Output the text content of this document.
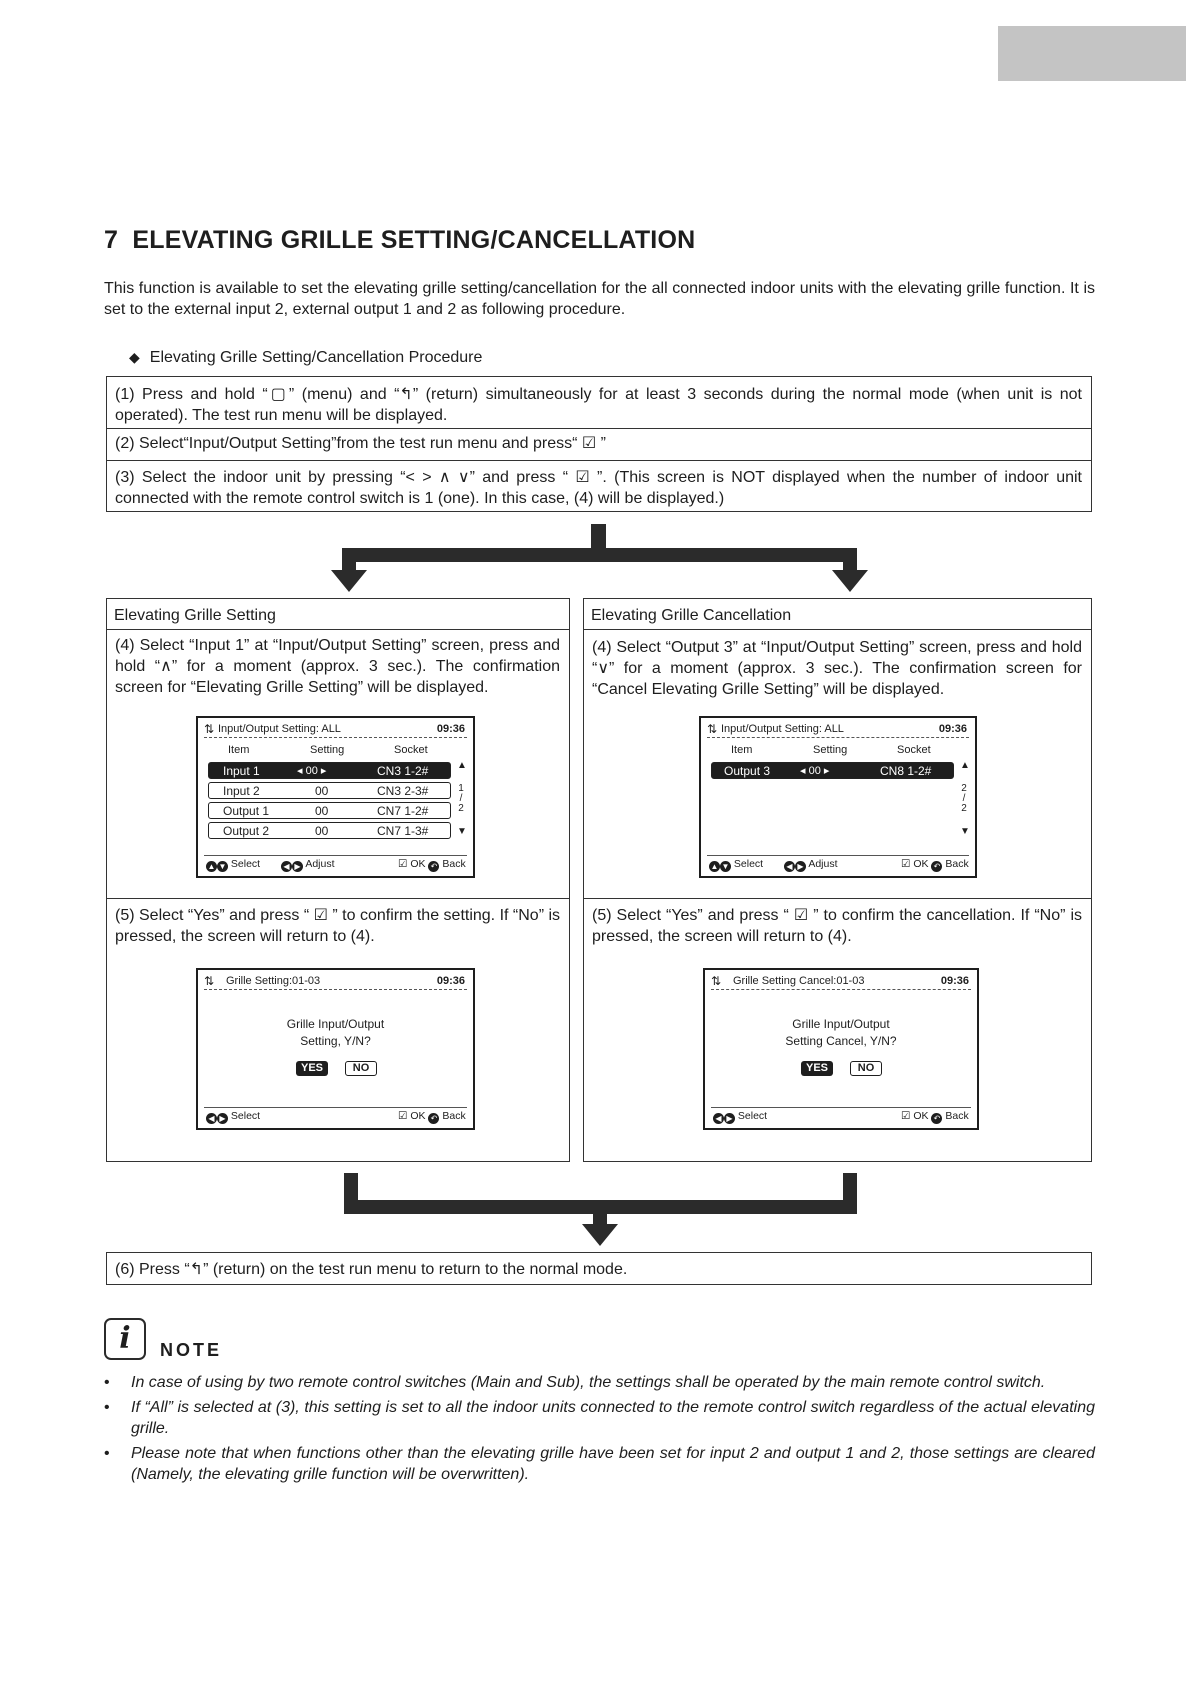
7 ELEVATING GRILLE SETTING/CANCELLATION
This function is available to set the elevating grille setting/cancellation for the all connected indoor units with the elevating grille function. It is set to the external input 2, external output 1 and 2 as following procedure.
◆ Elevating Grille Setting/Cancellation Procedure
(1) Press and hold “▢” (menu) and “↰” (return) simultaneously for at least 3 seconds during the normal mode (when unit is not operated). The test run menu will be displayed.
(2) Select“Input/Output Setting”from the test run menu and press“ ☑ ”
(3) Select the indoor unit by pressing “< > ∧ ∨” and press “ ☑ ”. (This screen is NOT displayed when the number of indoor unit connected with the remote control switch is 1 (one). In this case, (4) will be displayed.)
Elevating Grille Setting
(4) Select “Input 1” at “Input/Output Setting” screen, press and hold “∧” for a moment (approx. 3 sec.). The confirmation screen for “Elevating Grille Setting” will be displayed.
(5) Select “Yes” and press “ ☑ ” to confirm the setting. If “No” is pressed, the screen will return to (4).
Elevating Grille Cancellation
(4) Select “Output 3” at “Input/Output Setting” screen, press and hold “∨” for a moment (approx. 3 sec.). The confirmation screen for “Cancel Elevating Grille Setting” will be displayed.
(5) Select “Yes” and press “ ☑ ” to confirm the cancellation. If “No” is pressed, the screen will return to (4).
⇅ Input/Output Setting: ALL	09:36
Item	Setting	Socket
Input 1	◂ 00 ▸	CN3 1-2#
Input 2	00	CN3 2-3#
Output 1	00	CN7 1-2#
Output 2	00	CN7 1-3#
▲
1
/
2
▼
▲ ▼ Select	◀ ▶ Adjust	☑ OK ↶ Back
⇅ Input/Output Setting: ALL	09:36
Item	Setting	Socket
Output 3	◂ 00 ▸	CN8 1-2#	▲
2
/
2
▼
▲ ▼ Select	◀ ▶ Adjust	☑ OK ↶ Back
⇅ Grille Setting:01-03	09:36
Grille Input/Output
Setting, Y/N?
YES	NO
◀ ▶ Select	☑ OK ↶ Back
⇅ Grille Setting Cancel:01-03	09:36
Grille Input/Output
Setting Cancel, Y/N?
YES	NO
◀ ▶ Select	☑ OK ↶ Back
(6) Press “↰” (return) on the test run menu to return to the normal mode.
i	NOTE
• In case of using by two remote control switches (Main and Sub), the settings shall be operated by the main remote control switch.
• If “All” is selected at (3), this setting is set to all the indoor units connected to the remote control switch regardless of the actual elevating grille.
• Please note that when functions other than the elevating grille have been set for input 2 and output 1 and 2, those settings are cleared (Namely, the elevating grille function will be overwritten).
